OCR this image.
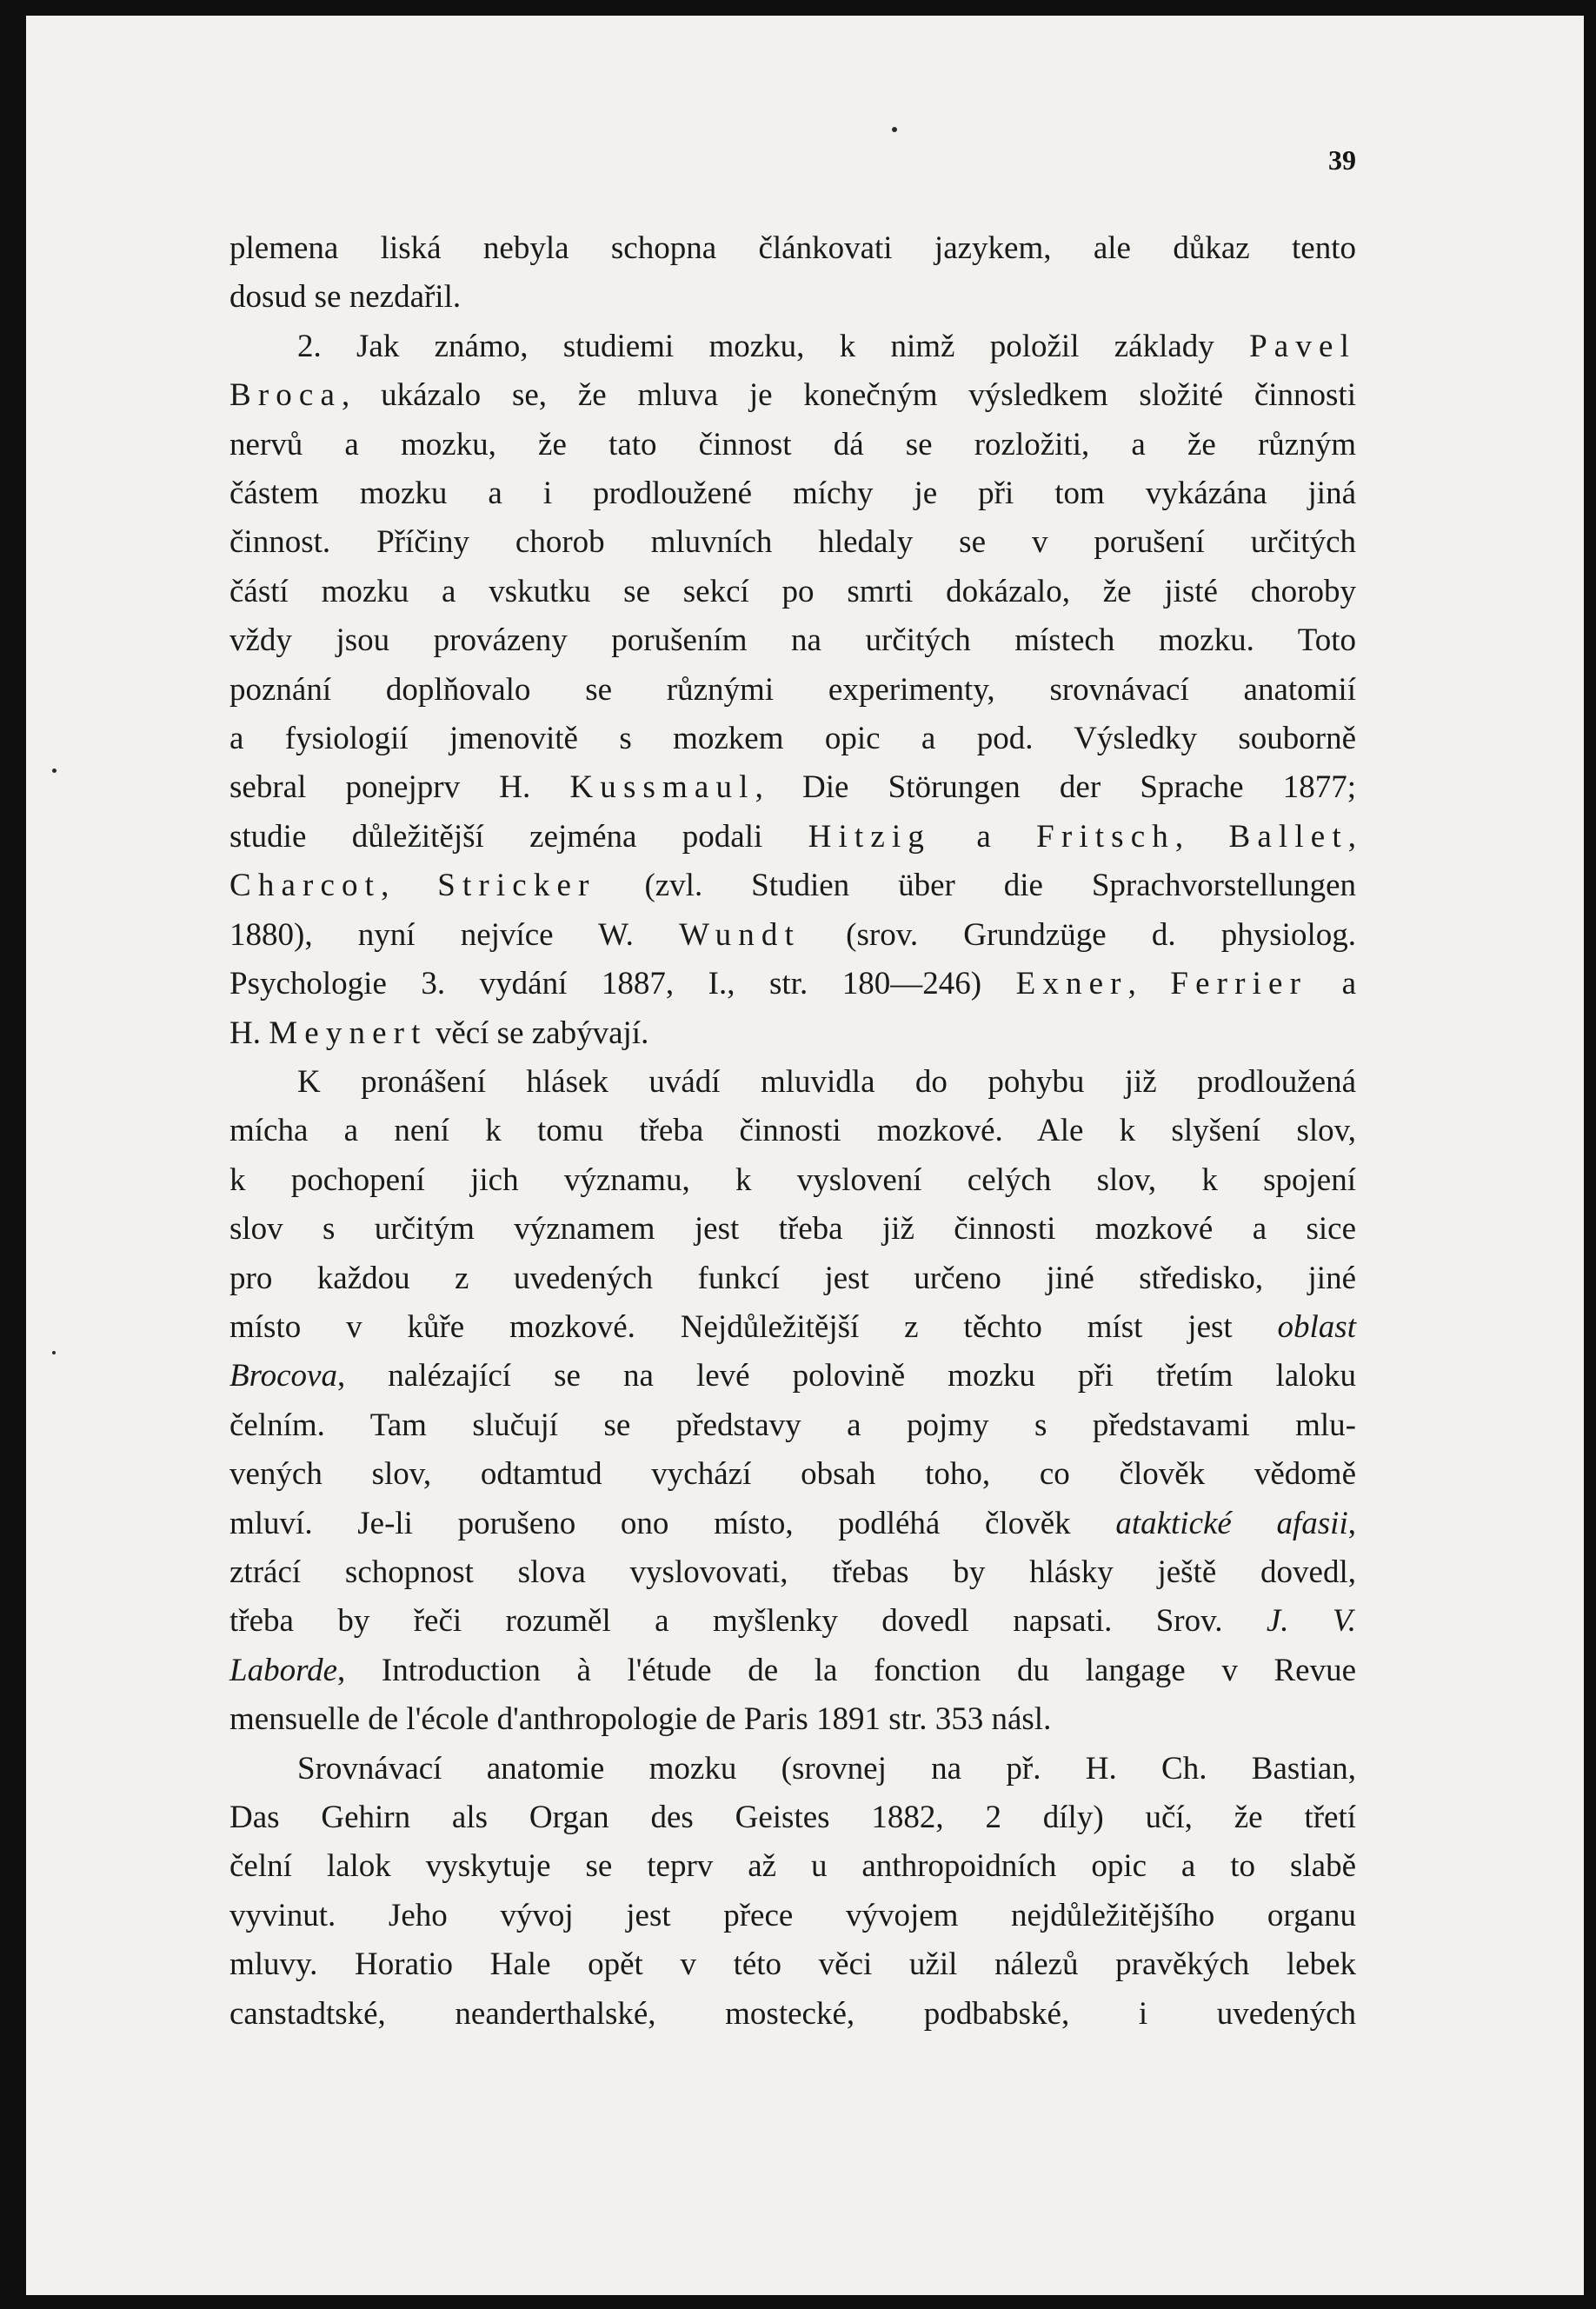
39

plemena liská nebyla schopna článkovati jazykem, ale důkaz tento
dosud se nezdařil.
2. Jak známo, studiemi mozku, k nimž položil základy Pavel
Broca, ukázalo se, že mluva je konečným výsledkem složité činnosti
nervů a mozku, že tato činnost dá se rozložiti, a že různým
částem mozku a i prodloužené míchy je při tom vykázána jiná
činnost. Příčiny chorob mluvních hledaly se v porušení určitých
částí mozku a vskutku se sekcí po smrti dokázalo, že jisté choroby
vždy jsou provázeny porušením na určitých místech mozku. Toto
poznání doplňovalo se různými experimenty, srovnávací anatomií
a fysiologií jmenovitě s mozkem opic a pod. Výsledky souborně
sebral ponejprv H. Kussmaul, Die Störungen der Sprache 1877;
studie důležitější zejména podali Hitzig a Fritsch, Ballet,
Charcot, Stricker (zvl. Studien über die Sprachvorstellungen
1880), nyní nejvíce W. Wundt (srov. Grundzüge d. physiolog.
Psychologie 3. vydání 1887, I., str. 180—246) Exner, Ferrier a
H. Meynert věcí se zabývají.
K pronášení hlásek uvádí mluvidla do pohybu již prodloužená
mícha a není k tomu třeba činnosti mozkové. Ale k slyšení slov,
k pochopení jich významu, k vyslovení celých slov, k spojení
slov s určitým významem jest třeba již činnosti mozkové a sice
pro každou z uvedených funkcí jest určeno jiné středisko, jiné
místo v kůře mozkové. Nejdůležitější z těchto míst jest oblast
Brocova, nalézající se na levé polovině mozku při třetím laloku
čelním. Tam slučují se představy a pojmy s představami mlu-
vených slov, odtamtud vychází obsah toho, co člověk vědomě
mluví. Je-li porušeno ono místo, podléhá člověk ataktické afasii,
ztrácí schopnost slova vyslovovati, třebas by hlásky ještě dovedl,
třeba by řeči rozuměl a myšlenky dovedl napsati. Srov. J. V.
Laborde, Introduction à l'étude de la fonction du langage v Revue
mensuelle de l'école d'anthropologie de Paris 1891 str. 353 násl.
Srovnávací anatomie mozku (srovnej na př. H. Ch. Bastian,
Das Gehirn als Organ des Geistes 1882, 2 díly) učí, že třetí
čelní lalok vyskytuje se teprv až u anthropoidních opic a to slabě
vyvinut. Jeho vývoj jest přece vývojem nejdůležitějšího organu
mluvy. Horatio Hale opět v této věci užil nálezů pravěkých lebek
canstadtské, neanderthalské, mostecké, podbabské, i uvedených
